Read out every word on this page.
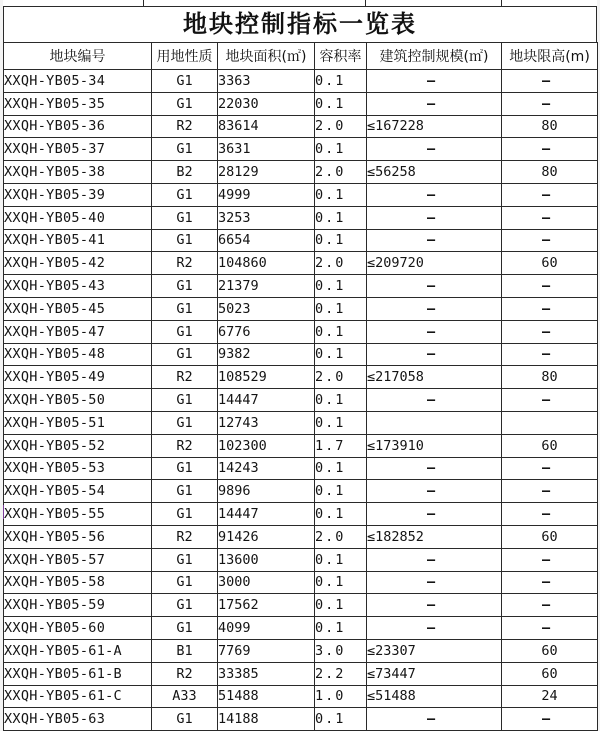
地块控制指标一览表
地块编号	用地性质	地块面积(㎡)	容积率	建筑控制规模(㎡)	地块限高(m)
XXQH-YB05-34	G1	3363	0.1	–	–
XXQH-YB05-35	G1	22030	0.1	–	–
XXQH-YB05-36	R2	83614	2.0	≤167228	80
XXQH-YB05-37	G1	3631	0.1	–	–
XXQH-YB05-38	B2	28129	2.0	≤56258	80
XXQH-YB05-39	G1	4999	0.1	–	–
XXQH-YB05-40	G1	3253	0.1	–	–
XXQH-YB05-41	G1	6654	0.1	–	–
XXQH-YB05-42	R2	104860	2.0	≤209720	60
XXQH-YB05-43	G1	21379	0.1	–	–
XXQH-YB05-45	G1	5023	0.1	–	–
XXQH-YB05-47	G1	6776	0.1	–	–
XXQH-YB05-48	G1	9382	0.1	–	–
XXQH-YB05-49	R2	108529	2.0	≤217058	80
XXQH-YB05-50	G1	14447	0.1	–	–
XXQH-YB05-51	G1	12743	0.1		
XXQH-YB05-52	R2	102300	1.7	≤173910	60
XXQH-YB05-53	G1	14243	0.1	–	–
XXQH-YB05-54	G1	9896	0.1	–	–
XXQH-YB05-55	G1	14447	0.1	–	–
XXQH-YB05-56	R2	91426	2.0	≤182852	60
XXQH-YB05-57	G1	13600	0.1	–	–
XXQH-YB05-58	G1	3000	0.1	–	–
XXQH-YB05-59	G1	17562	0.1	–	–
XXQH-YB05-60	G1	4099	0.1	–	–
XXQH-YB05-61-A	B1	7769	3.0	≤23307	60
XXQH-YB05-61-B	R2	33385	2.2	≤73447	60
XXQH-YB05-61-C	A33	51488	1.0	≤51488	24
XXQH-YB05-63	G1	14188	0.1	–	–
